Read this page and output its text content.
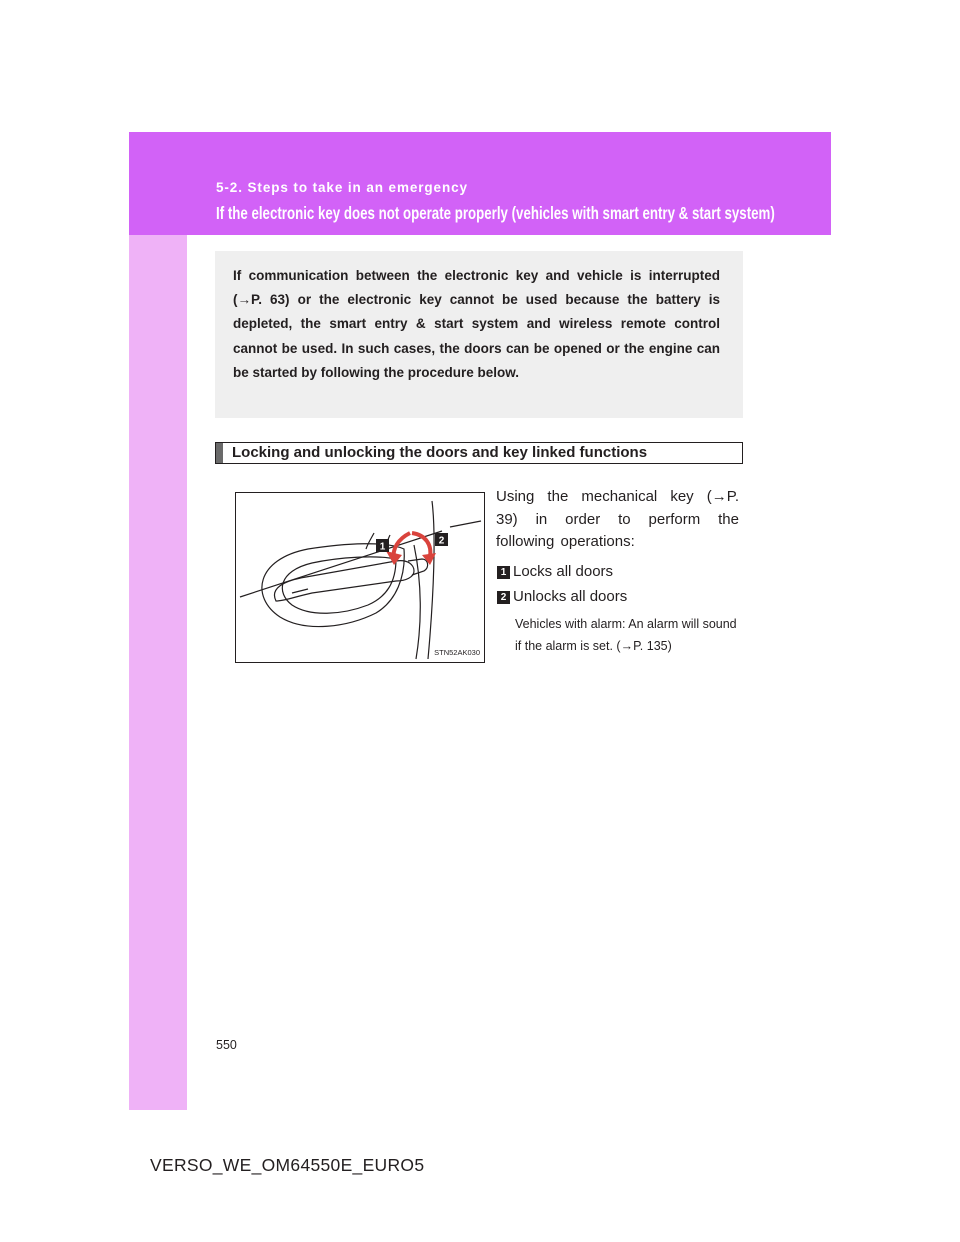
5-2. Steps to take in an emergency
If the electronic key does not operate properly (vehicles with smart entry & start system)

If communication between the electronic key and vehicle is interrupted (→P. 63) or the electronic key cannot be used because the battery is depleted, the smart entry & start system and wireless remote control cannot be used. In such cases, the doors can be opened or the engine can be started by following the procedure below.

Locking and unlocking the doors and key linked functions
1
2
STN52AK030

Using the mechanical key (→P. 39) in order to perform the following operations:

1 Locks all doors
2 Unlocks all doors

Vehicles with alarm: An alarm will sound if the alarm is set. (→P. 135)

550
VERSO_WE_OM64550E_EURO5
